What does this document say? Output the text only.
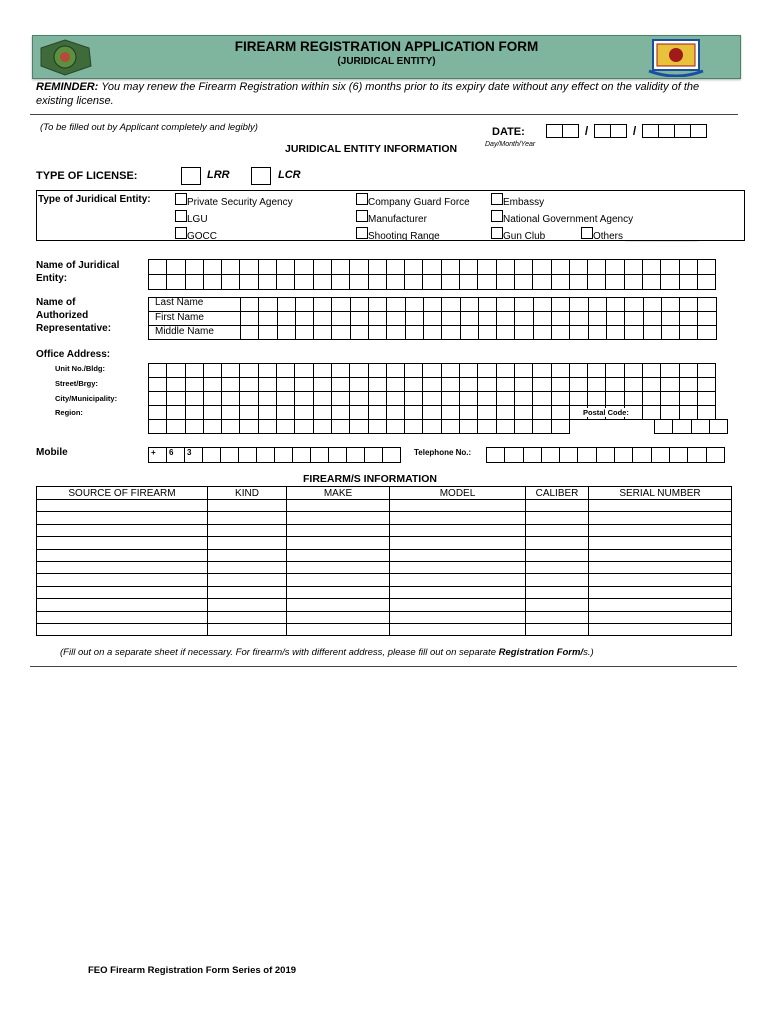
FIREARM REGISTRATION APPLICATION FORM
(JURIDICAL ENTITY)
REMINDER: You may renew the Firearm Registration within six (6) months prior to its expiry date without any effect on the validity of the existing license.
(To be filled out by Applicant completely and legibly)	DATE:	/	/
Day/Month/Year
JURIDICAL ENTITY INFORMATION
TYPE OF LICENSE:	LRR	LCR
Type of Juridical Entity:	Private Security Agency	Company Guard Force	Embassy
LGU	Manufacturer	National Government Agency
GOCC	Shooting Range	Gun Club	Others _____________
Name of Juridical Entity:
Name of Authorized Representative:
Last Name
First Name
Middle Name
Office Address:
Unit No./Bldg:
Street/Brgy:
City/Municipality:
Region:	Postal Code:
Mobile	+	6	3	Telephone No.:
FIREARM/S INFORMATION
SOURCE OF FIREARM	KIND	MAKE	MODEL	CALIBER	SERIAL NUMBER

(Fill out on a separate sheet if necessary. For firearm/s with different address, please fill out on separate Registration Form/s.)
FEO Firearm Registration Form Series of 2019
